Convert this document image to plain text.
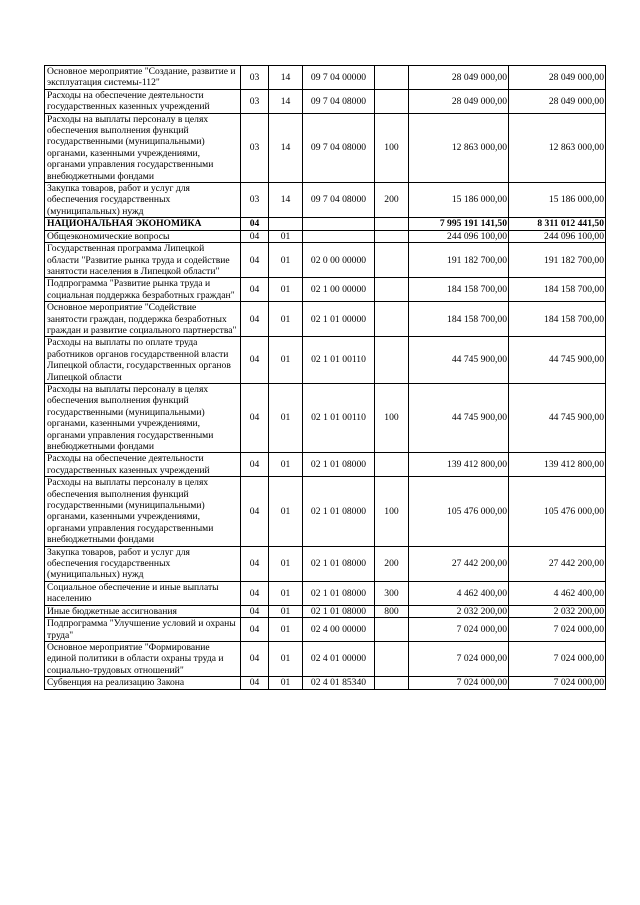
Основное мероприятие "Создание, развитие и эксплуатация системы-112"	03	14	09 7 04 00000		28 049 000,00	28 049 000,00
Расходы на обеспечение деятельности государственных казенных учреждений	03	14	09 7 04 08000		28 049 000,00	28 049 000,00
Расходы на выплаты персоналу в целях обеспечения выполнения функций государственными (муниципальными) органами, казенными учреждениями, органами управления государственными внебюджетными фондами	03	14	09 7 04 08000	100	12 863 000,00	12 863 000,00
Закупка товаров, работ и услуг для обеспечения государственных (муниципальных) нужд	03	14	09 7 04 08000	200	15 186 000,00	15 186 000,00
НАЦИОНАЛЬНАЯ ЭКОНОМИКА	04				7 995 191 141,50	8 311 012 441,50
Общеэкономические вопросы	04	01			244 096 100,00	244 096 100,00
Государственная программа Липецкой области "Развитие рынка труда и содействие занятости населения в Липецкой области"	04	01	02 0 00 00000		191 182 700,00	191 182 700,00
Подпрограмма "Развитие рынка труда и социальная поддержка безработных граждан"	04	01	02 1 00 00000		184 158 700,00	184 158 700,00
Основное мероприятие "Содействие занятости граждан, поддержка безработных граждан и развитие социального партнерства"	04	01	02 1 01 00000		184 158 700,00	184 158 700,00
Расходы на выплаты по оплате труда работников органов государственной власти Липецкой области, государственных органов Липецкой области	04	01	02 1 01 00110		44 745 900,00	44 745 900,00
Расходы на выплаты персоналу в целях обеспечения выполнения функций государственными (муниципальными) органами, казенными учреждениями, органами управления государственными внебюджетными фондами	04	01	02 1 01 00110	100	44 745 900,00	44 745 900,00
Расходы на обеспечение деятельности государственных казенных учреждений	04	01	02 1 01 08000		139 412 800,00	139 412 800,00
Расходы на выплаты персоналу в целях обеспечения выполнения функций государственными (муниципальными) органами, казенными учреждениями, органами управления государственными внебюджетными фондами	04	01	02 1 01 08000	100	105 476 000,00	105 476 000,00
Закупка товаров, работ и услуг для обеспечения государственных (муниципальных) нужд	04	01	02 1 01 08000	200	27 442 200,00	27 442 200,00
Социальное обеспечение и иные выплаты населению	04	01	02 1 01 08000	300	4 462 400,00	4 462 400,00
Иные бюджетные ассигнования	04	01	02 1 01 08000	800	2 032 200,00	2 032 200,00
Подпрограмма "Улучшение условий и охраны труда"	04	01	02 4 00 00000		7 024 000,00	7 024 000,00
Основное мероприятие "Формирование единой политики в области охраны труда и социально-трудовых отношений"	04	01	02 4 01 00000		7 024 000,00	7 024 000,00
Субвенция на реализацию Закона	04	01	02 4 01 85340		7 024 000,00	7 024 000,00
